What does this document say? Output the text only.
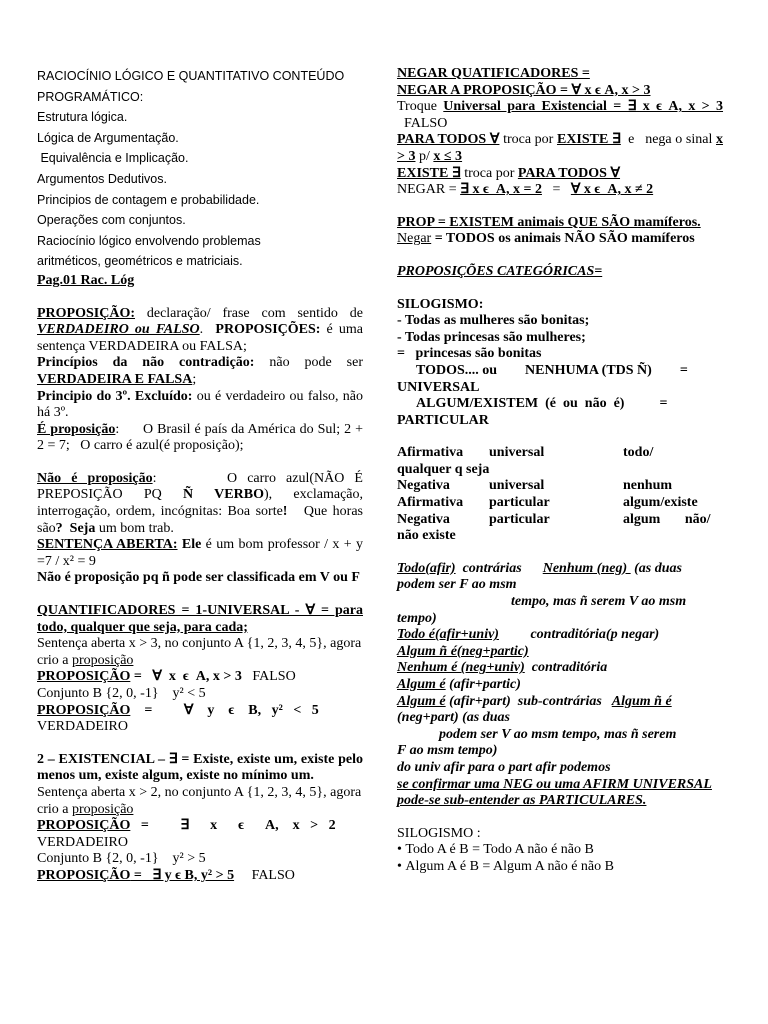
RACIOCÍNIO LÓGICO E QUANTITATIVO CONTEÚDO
PROGRAMÁTICO:
Estrutura lógica.
Lógica de Argumentação.
Equivalência e Implicação.
Argumentos Dedutivos.
Principios de contagem e probabilidade.
Operações com conjuntos.
Raciocínio lógico envolvendo problemas
aritméticos, geométricos e matriciais.
Pag.01 Rac. Lóg
PROPOSIÇÃO: declaração/ frase com sentido de VERDADEIRO ou FALSO.  PROPOSIÇÕES: é uma sentença VERDADEIRA ou FALSA;
Princípios da não contradição: não pode ser VERDADEIRA E FALSA;
Principio do 3º. Excluído: ou é verdadeiro ou falso, não há 3º.
É proposição:      O Brasil é país da América do Sul; 2 + 2 = 7;   O carro é azul(é proposição);
Não é proposição:       O carro azul(NÃO É PREPOSIÇÃO PQ Ñ VERBO), exclamação, interrogação, ordem, incógnitas: Boa sorte!   Que horas são?  Seja um bom trab.
SENTENÇA ABERTA: Ele é um bom professor / x + y =7 / x² = 9
Não é proposição pq ñ pode ser classificada em V ou F
QUANTIFICADORES = 1-UNIVERSAL - ∀ = para todo, qualquer que seja, para cada;
Sentença aberta x > 3, no conjunto A {1, 2, 3, 4, 5}, agora crio a proposição
PROPOSIÇÃO =   ∀  x  ϵ  A, x > 3   FALSO
Conjunto B {2, 0, -1}    y² < 5
PROPOSIÇÃO    =         ∀    y    ϵ    B,   y²   <   5
VERDADEIRO
2 – EXISTENCIAL – ∃ = Existe, existe um, existe pelo menos um, existe algum, existe no mínimo um.
Sentença aberta x > 2, no conjunto A {1, 2, 3, 4, 5}, agora crio a proposição
PROPOSIÇÃO   =         ∃      x      ϵ      A,    x   >   2
VERDADEIRO
Conjunto B {2, 0, -1}    y² > 5
PROPOSIÇÃO =   ∃ y ϵ B, y² > 5     FALSO
NEGAR QUATIFICADORES =
NEGAR A PROPOSIÇÃO = ∀ x ϵ A, x > 3
Troque Universal para Existencial = ∃ x ϵ A, x > 3  FALSO
PARA TODOS ∀ troca por EXISTE ∃  e   nega o sinal x > 3 p/ x ≤ 3
EXISTE ∃ troca por PARA TODOS ∀
NEGAR = ∃ x ϵ  A, x = 2   =   ∀ x ϵ  A, x ≠ 2
PROP = EXISTEM animais QUE SÃO mamíferos.
Negar = TODOS os animais NÃO SÃO mamíferos
PROPOSIÇÕES CATEGÓRICAS=
SILOGISMO:
- Todas as mulheres são bonitas;
- Todas princesas são mulheres;
=   princesas são bonitas
TODOS.... ou        NENHUMA (TDS Ñ)        =
UNIVERSAL
ALGUM/EXISTEM  (é  ou  não  é)          =
PARTICULAR
Afirmativa	universal	todo/
qualquer q seja
Negativa	universal	nenhum
Afirmativa	particular	algum/existe
Negativa	particular	algum       não/
não existe
Todo(afir)  contrárias      Nenhum (neg)  (as duas podem ser F ao msm
tempo, mas ñ serem V ao msm
tempo)
Todo é(afir+univ)         contraditória(p negar)
Algum ñ é(neg+partic)
Nenhum é (neg+univ)  contraditória
Algum é (afir+partic)
Algum é (afir+part)  sub-contrárias   Algum ñ é (neg+part) (as duas
podem ser V ao msm tempo, mas ñ serem
F ao msm tempo)
do univ afir para o part afir podemos
se confirmar uma NEG ou uma AFIRM UNIVERSAL pode-se sub-entender as PARTICULARES.
SILOGISMO :
• Todo A é B = Todo A não é não B
• Algum A é B = Algum A não é não B
